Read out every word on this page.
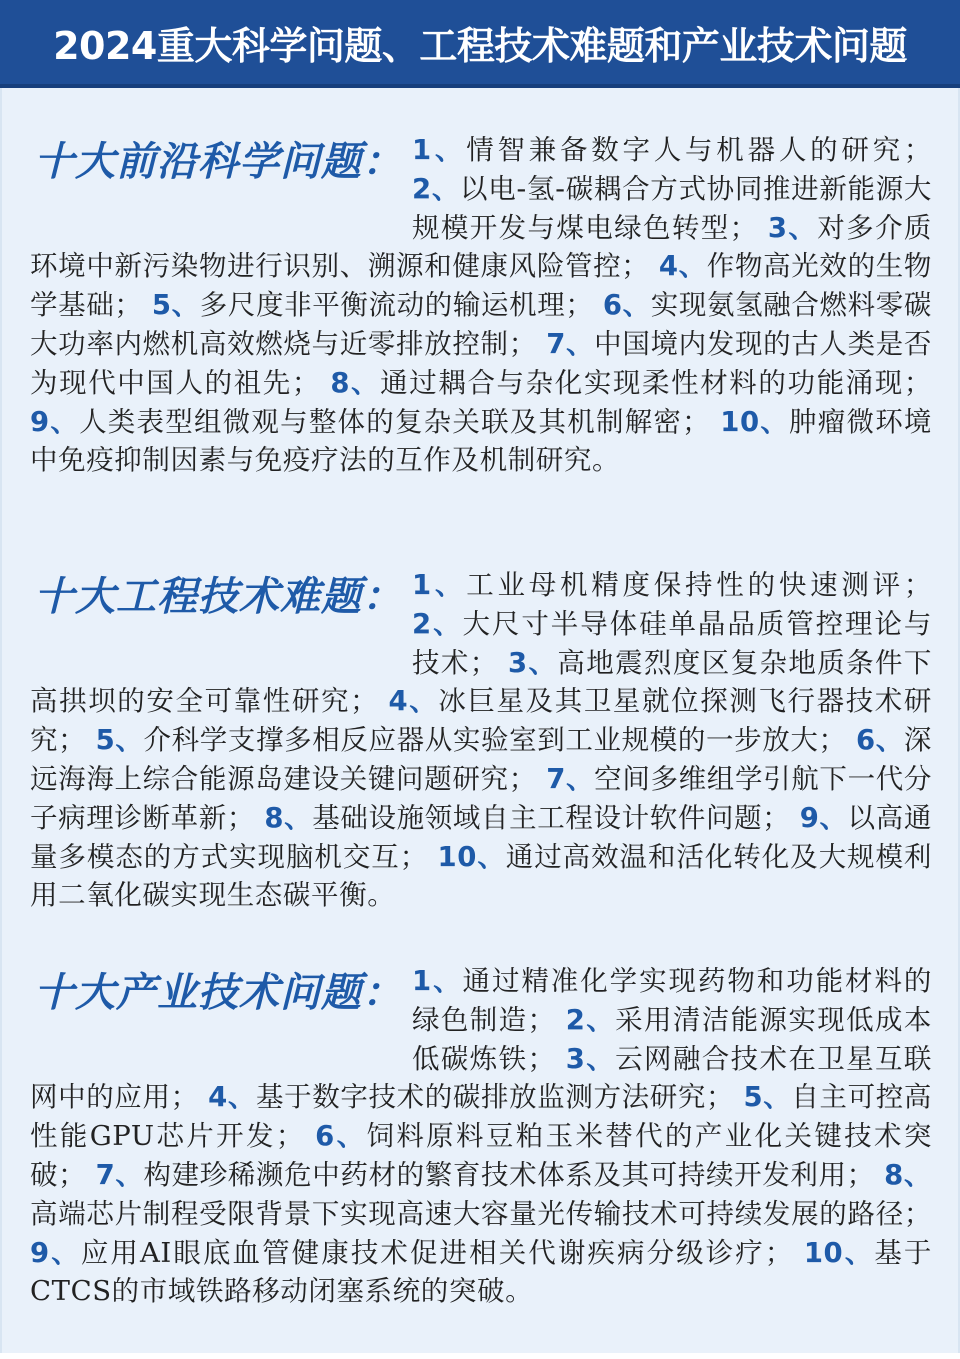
2024重大科学问题、工程技术难题和产业技术问题
十大前沿科学问题： 1、情智兼备数字人与机器人的研究； 2、以电-氢-碳耦合方式协同推进新能源大规模开发与煤电绿色转型； 3、对多介质环境中新污染物进行识别、溯源和健康风险管控； 4、作物高光效的生物学基础； 5、多尺度非平衡流动的输运机理； 6、实现氨氢融合燃料零碳大功率内燃机高效燃烧与近零排放控制； 7、中国境内发现的古人类是否为现代中国人的祖先； 8、通过耦合与杂化实现柔性材料的功能涌现； 9、人类表型组微观与整体的复杂关联及其机制解密； 10、肿瘤微环境中免疫抑制因素与免疫疗法的互作及机制研究。
十大工程技术难题： 1、工业母机精度保持性的快速测评； 2、大尺寸半导体硅单晶品质管控理论与技术； 3、高地震烈度区复杂地质条件下高拱坝的安全可靠性研究； 4、冰巨星及其卫星就位探测飞行器技术研究； 5、介科学支撑多相反应器从实验室到工业规模的一步放大； 6、深远海海上综合能源岛建设关键问题研究； 7、空间多维组学引航下一代分子病理诊断革新； 8、基础设施领域自主工程设计软件问题； 9、以高通量多模态的方式实现脑机交互； 10、通过高效温和活化转化及大规模利用二氧化碳实现生态碳平衡。
十大产业技术问题： 1、通过精准化学实现药物和功能材料的绿色制造； 2、采用清洁能源实现低成本低碳炼铁； 3、云网融合技术在卫星互联网中的应用； 4、基于数字技术的碳排放监测方法研究； 5、自主可控高性能GPU芯片开发； 6、饲料原料豆粕玉米替代的产业化关键技术突破； 7、构建珍稀濒危中药材的繁育技术体系及其可持续开发利用； 8、高端芯片制程受限背景下实现高速大容量光传输技术可持续发展的路径； 9、应用AI眼底血管健康技术促进相关代谢疾病分级诊疗； 10、基于CTCS的市域铁路移动闭塞系统的突破。
